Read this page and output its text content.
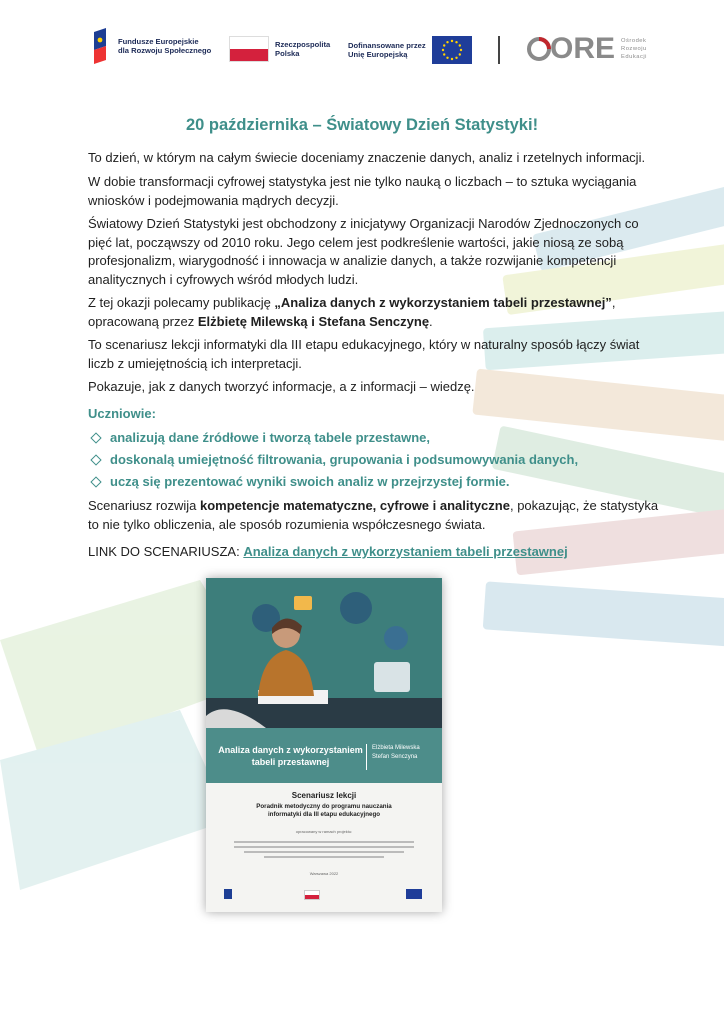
Fundusze Europejskie
dla Rozwoju Społecznego
Rzeczpospolita
Polska
Dofinansowane przez
Unię Europejską	ORE Ośrodek
Rozwoju
Edukacji
20 października – Światowy Dzień Statystyki!

To dzień, w którym na całym świecie doceniamy znaczenie danych, analiz i rzetelnych informacji.

W dobie transformacji cyfrowej statystyka jest nie tylko nauką o liczbach – to sztuka wyciągania wniosków i podejmowania mądrych decyzji.

Światowy Dzień Statystyki jest obchodzony z inicjatywy Organizacji Narodów Zjednoczonych co pięć lat, począwszy od 2010 roku. Jego celem jest podkreślenie wartości, jakie niosą ze sobą profesjonalizm, wiarygodność i innowacja w analizie danych, a także rozwijanie kompetencji analitycznych i cyfrowych wśród młodych ludzi.

Z tej okazji polecamy publikację „Analiza danych z wykorzystaniem tabeli przestawnej”, opracowaną przez Elżbietę Milewską i Stefana Senczynę.

To scenariusz lekcji informatyki dla III etapu edukacyjnego, który w naturalny sposób łączy świat liczb z umiejętnością ich interpretacji.

Pokazuje, jak z danych tworzyć informacje, a z informacji – wiedzę.

Uczniowie:

analizują dane źródłowe i tworzą tabele przestawne,
doskonalą umiejętność filtrowania, grupowania i podsumowywania danych,
uczą się prezentować wyniki swoich analiz w przejrzystej formie.

Scenariusz rozwija kompetencje matematyczne, cyfrowe i analityczne, pokazując, że statystyka to nie tylko obliczenia, ale sposób rozumienia współczesnego świata.

LINK DO SCENARIUSZA: Analiza danych z wykorzystaniem tabeli przestawnej

Analiza danych z wykorzystaniem
tabeli przestawnej
Elżbieta Milewska
Stefan Senczyna
Scenariusz lekcji
Poradnik metodyczny do programu nauczania
informatyki dla III etapu edukacyjnego
opracowany w ramach projektu:
Warszawa 2022
